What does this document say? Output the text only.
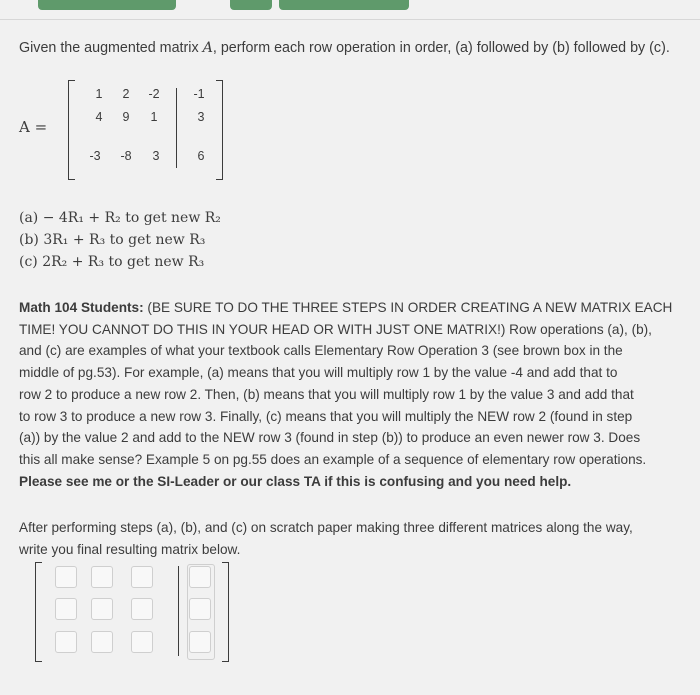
Given the augmented matrix A, perform each row operation in order, (a) followed by (b) followed by (c).
A =
1	2	-2	-1
4	9	1	3
-3	-8	3	6
(a) − 4R₁ + R₂ to get new R₂
(b) 3R₁ + R₃ to get new R₃
(c) 2R₂ + R₃ to get new R₃
Math 104 Students: (BE SURE TO DO THE THREE STEPS IN ORDER CREATING A NEW MATRIX EACH
TIME! YOU CANNOT DO THIS IN YOUR HEAD OR WITH JUST ONE MATRIX!) Row operations (a), (b),
and (c) are examples of what your textbook calls Elementary Row Operation 3 (see brown box in the
middle of pg.53). For example, (a) means that you will multiply row 1 by the value -4 and add that to
row 2 to produce a new row 2. Then, (b) means that you will multiply row 1 by the value 3 and add that
to row 3 to produce a new row 3. Finally, (c) means that you will multiply the NEW row 2 (found in step
(a)) by the value 2 and add to the NEW row 3 (found in step (b)) to produce an even newer row 3. Does
this all make sense? Example 5 on pg.55 does an example of a sequence of elementary row operations.
Please see me or the SI-Leader or our class TA if this is confusing and you need help.
After performing steps (a), (b), and (c) on scratch paper making three different matrices along the way,
write you final resulting matrix below.
